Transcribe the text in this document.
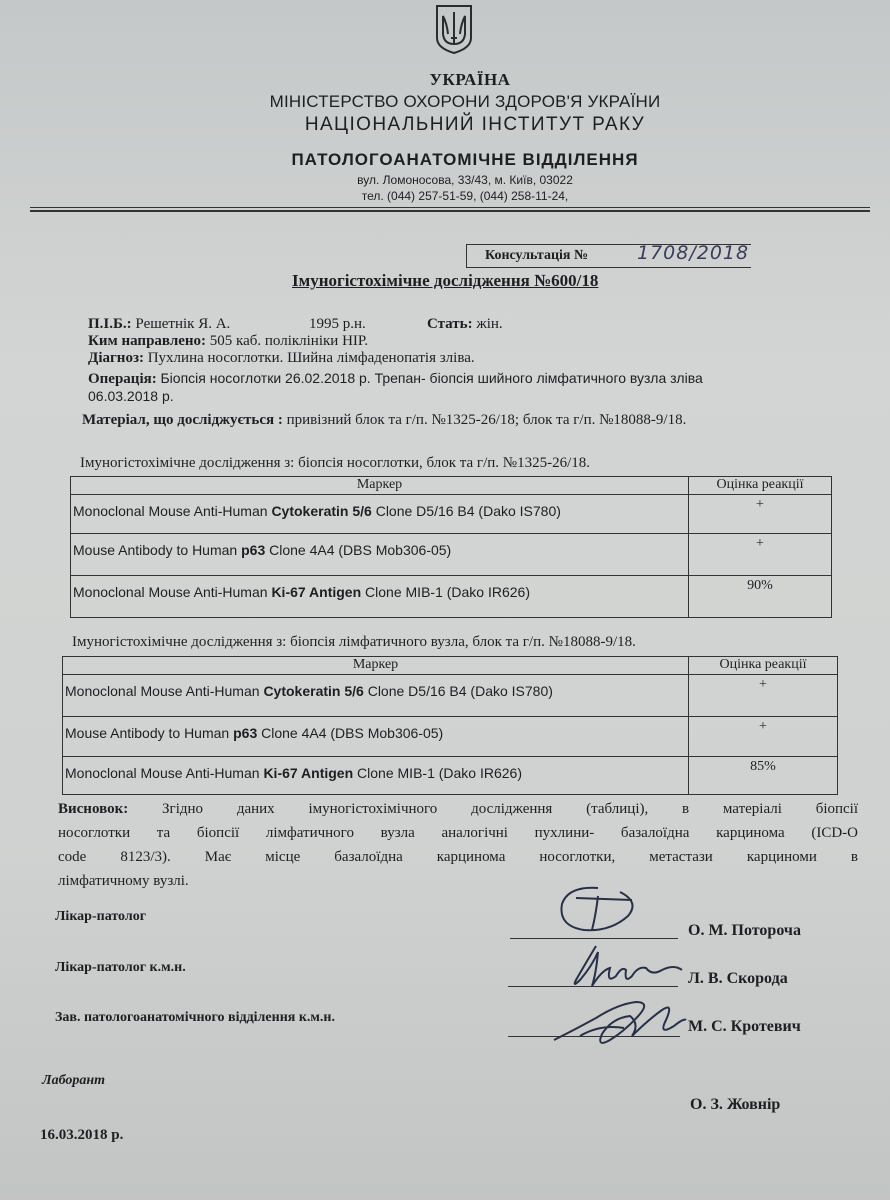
УКРАЇНА
МІНІСТЕРСТВО ОХОРОНИ ЗДОРОВ'Я УКРАЇНИ
НАЦІОНАЛЬНИЙ ІНСТИТУТ РАКУ
ПАТОЛОГОАНАТОМІЧНЕ ВІДДІЛЕННЯ
вул. Ломоносова, 33/43, м. Київ, 03022
тел. (044) 257-51-59, (044) 258-11-24,
Консультація №	1708/2018
Імуногістохімічне дослідження №600/18
П.І.Б.: Решетнік Я. А.	1995 р.н.	Стать: жін.
Ким направлено: 505 каб. поліклініки НІР.
Діагноз: Пухлина носоглотки. Шийна лімфаденопатія зліва.
Операція: Біопсія носоглотки 26.02.2018 р. Трепан- біопсія шийного лімфатичного вузла зліва
06.03.2018 р.
Матеріал, що досліджується : привізний блок та г/п. №1325-26/18; блок та г/п. №18088-9/18.
Імуногістохімічне дослідження з: біопсія носоглотки, блок та г/п. №1325-26/18.
Маркер	Оцінка реакції
Monoclonal Mouse Anti-Human Cytokeratin 5/6 Clone D5/16 B4 (Dako IS780)	+
Mouse Antibody to Human p63 Clone 4A4 (DBS Mob306-05)	+
Monoclonal Mouse Anti-Human Ki-67 Antigen Clone MIB-1 (Dako IR626)	90%
Імуногістохімічне дослідження з: біопсія лімфатичного вузла, блок та г/п. №18088-9/18.
Маркер	Оцінка реакції
Monoclonal Mouse Anti-Human Cytokeratin 5/6 Clone D5/16 B4 (Dako IS780)	+
Mouse Antibody to Human p63 Clone 4A4 (DBS Mob306-05)	+
Monoclonal Mouse Anti-Human Ki-67 Antigen Clone MIB-1 (Dako IR626)	85%
Висновок: Згідно даних імуногістохімічного дослідження (таблиці), в матеріалі біопсії
носоглотки та біопсії лімфатичного вузла аналогічні пухлини- базалоїдна карцинома (ICD-O
code 8123/3). Має місце базалоїдна карцинома носоглотки, метастази карциноми в
лімфатичному вузлі.
Лікар-патолог
О. М. Потороча
Лікар-патолог к.м.н.
Л. В. Скорода
Зав. патологоанатомічного відділення к.м.н.
М. С. Кротевич
Лаборант
О. З. Жовнір
16.03.2018 р.
